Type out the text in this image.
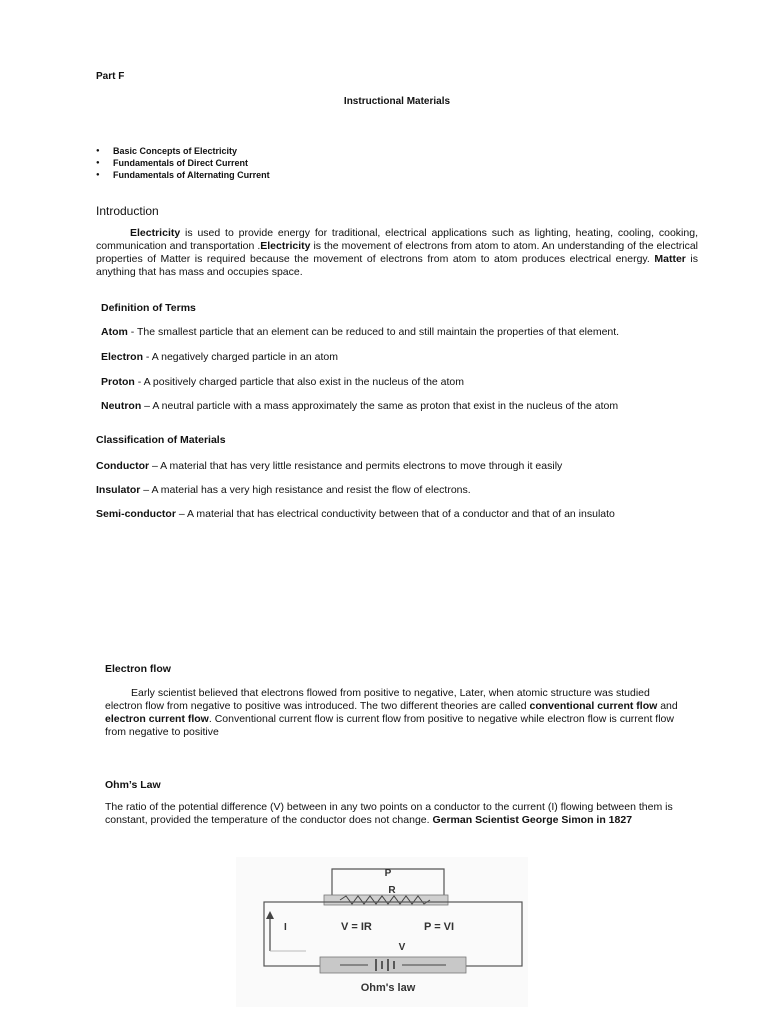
Part F
Instructional Materials
● Basic Concepts of Electricity
● Fundamentals of Direct Current
● Fundamentals of Alternating Current
Introduction
Electricity is used to provide energy for traditional, electrical applications such as lighting, heating, cooling, cooking, communication and transportation .Electricity is the movement of electrons from atom to atom. An understanding of the electrical properties of Matter is required because the movement of electrons from atom to atom produces electrical energy. Matter is anything that has mass and occupies space.
Definition of Terms
Atom - The smallest particle that an element can be reduced to and still maintain the properties of that element.
Electron - A negatively charged particle in an atom
Proton - A positively charged particle that also exist in the nucleus of the atom
Neutron – A neutral particle with a mass approximately the same as proton that exist in the nucleus of the atom
Classification of Materials
Conductor – A material that has very little resistance and permits electrons to move through it easily
Insulator – A material has a very high resistance and resist the flow of electrons.
Semi-conductor – A material that has electrical conductivity between that of a conductor and that of an insulato
Electron flow
Early scientist believed that electrons flowed from positive to negative, Later, when atomic structure was studied electron flow from negative to positive was introduced. The two different theories are called conventional current flow and electron current flow. Conventional current flow is current flow from positive to negative while electron flow is current flow from negative to positive
Ohm’s Law
The ratio of the potential difference (V) between in any two points on a conductor to the current (I) flowing between them is constant, provided the temperature of the conductor does not change. German Scientist George Simon in 1827
P
R
I	V = IR	P = VI
V
Ohm's law
